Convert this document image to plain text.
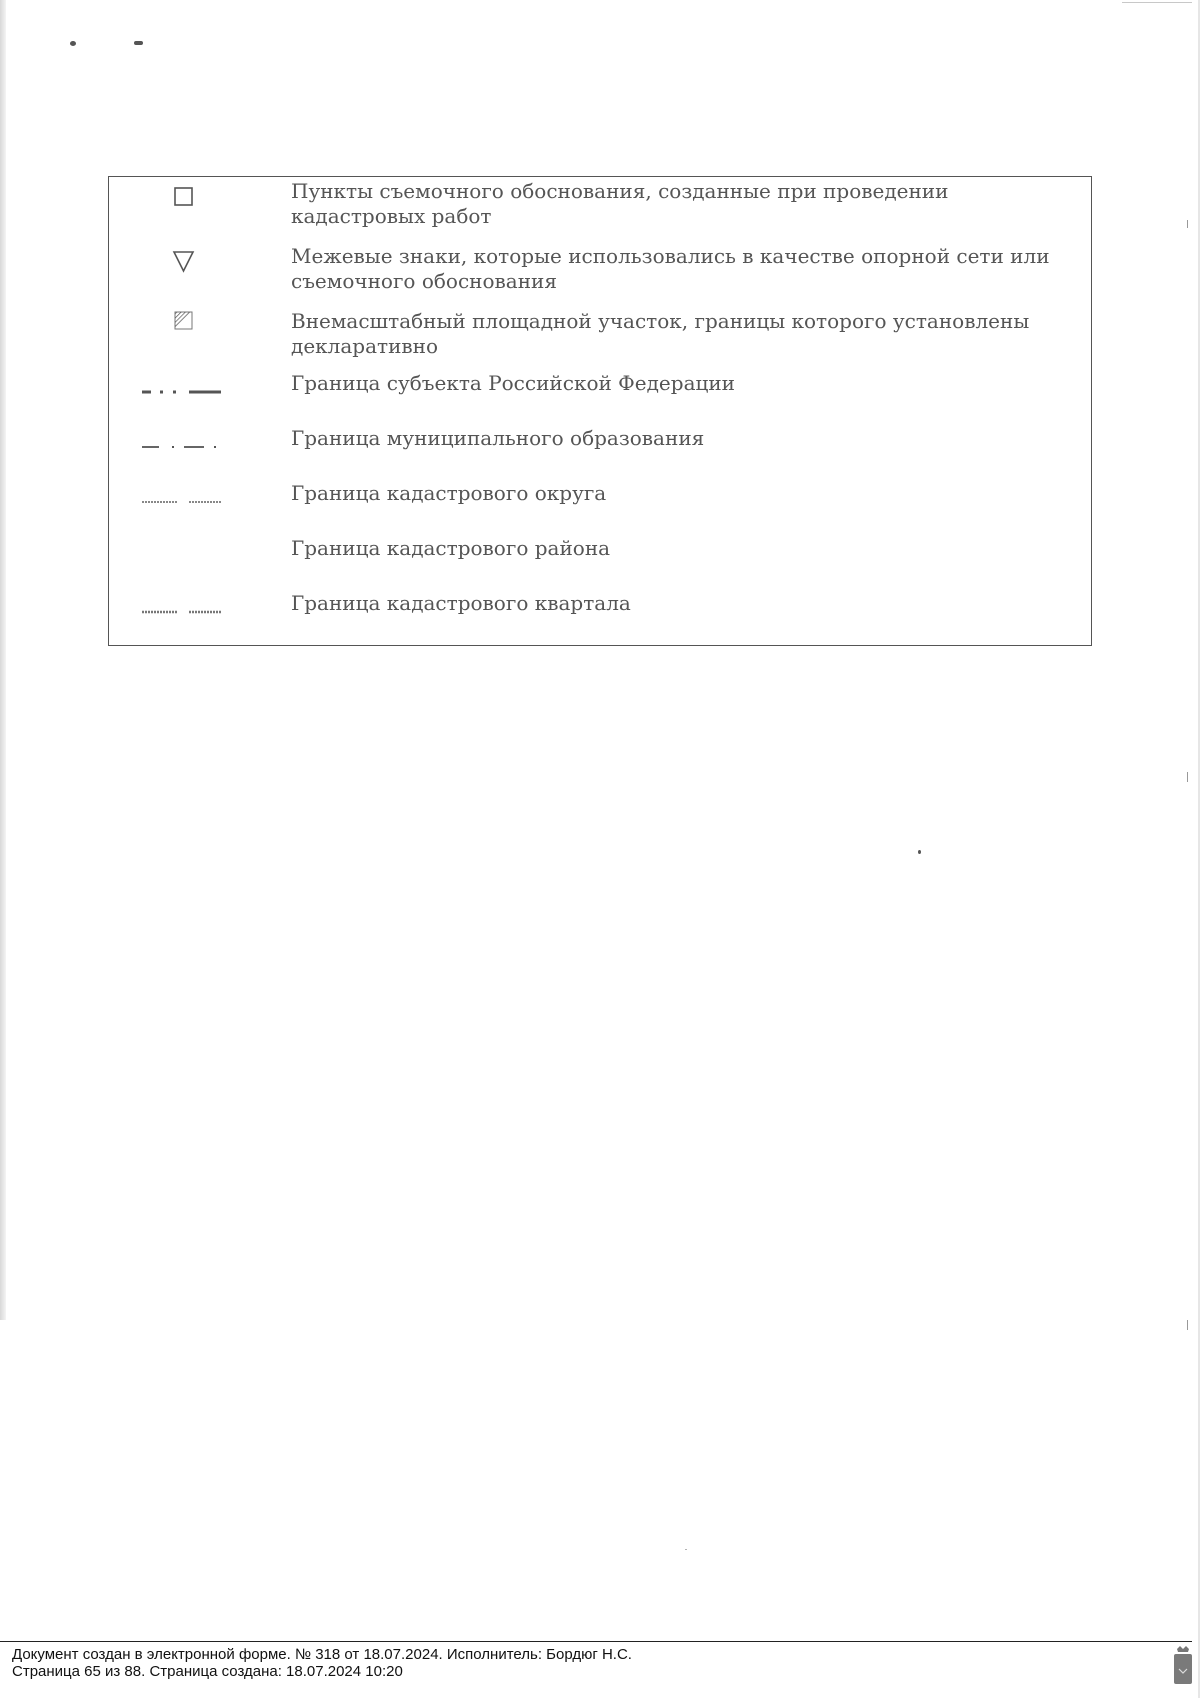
Пункты съемочного обоснования, созданные при проведении кадастровых работ
Межевые знаки, которые использовались в качестве опорной сети или съемочного обоснования
Внемасштабный площадной участок, границы которого установлены декларативно
Граница субъекта Российской Федерации
Граница муниципального образования
Граница кадастрового округа
Граница кадастрового района
Граница кадастрового квартала
Документ создан в электронной форме. № 318 от 18.07.2024. Исполнитель: Бордюг Н.С.
Страница 65 из 88. Страница создана: 18.07.2024 10:20
